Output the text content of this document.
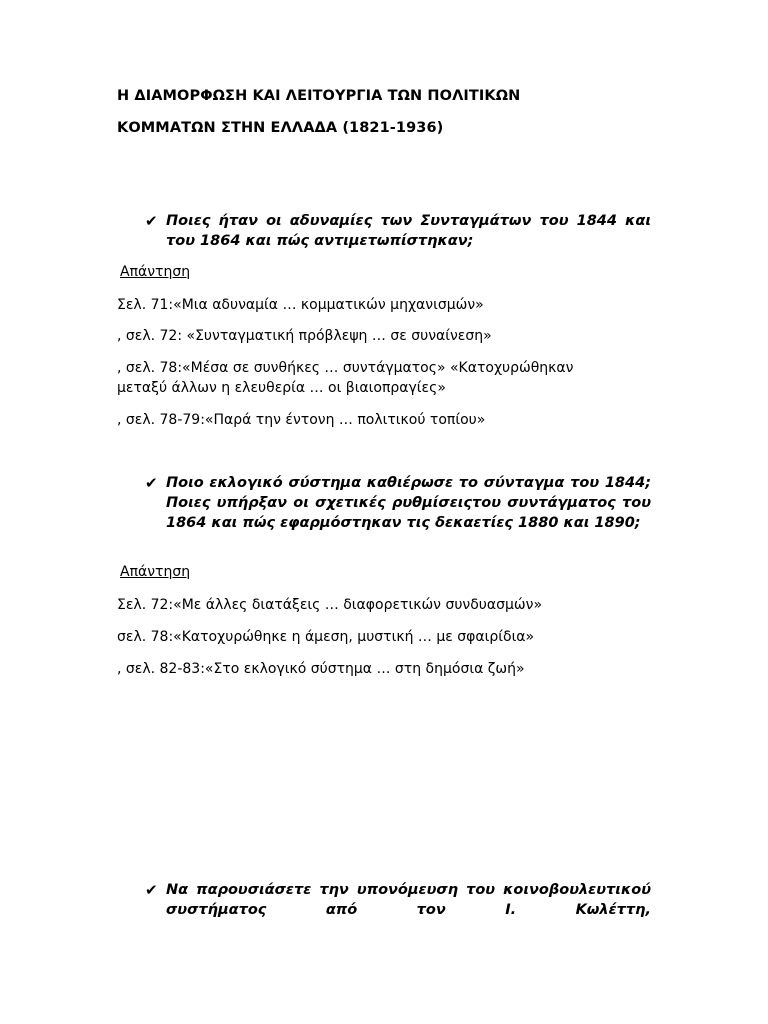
Η ΔΙΑΜΟΡΦΩΣΗ ΚΑΙ ΛΕΙΤΟΥΡΓΙΑ ΤΩΝ ΠΟΛΙΤΙΚΩΝ
ΚΟΜΜΑΤΩΝ ΣΤΗΝ ΕΛΛΑΔΑ (1821-1936)
✔ Ποιες ήταν οι αδυναμίες των Συνταγμάτων του 1844 και του 1864 και πώς αντιμετωπίστηκαν;
Απάντηση
Σελ. 71:«Μια αδυναμία … κομματικών μηχανισμών»
, σελ. 72: «Συνταγματική πρόβλεψη … σε συναίνεση»
, σελ. 78:«Μέσα σε συνθήκες … συντάγματος» «Κατοχυρώθηκαν
μεταξύ άλλων η ελευθερία … οι βιαιοπραγίες»
, σελ. 78-79:«Παρά την έντονη … πολιτικού τοπίου»
✔ Ποιο εκλογικό σύστημα καθιέρωσε το σύνταγμα του 1844; Ποιες υπήρξαν οι σχετικές ρυθμίσειςτου συντάγματος του 1864 και πώς εφαρμόστηκαν τις δεκαετίες 1880 και 1890;
Απάντηση
Σελ. 72:«Με άλλες διατάξεις … διαφορετικών συνδυασμών»
σελ. 78:«Κατοχυρώθηκε η άμεση, μυστική … με σφαιρίδια»
, σελ. 82-83:«Στο εκλογικό σύστημα … στη δημόσια ζωή»
✔ Να παρουσιάσετε την υπονόμευση του κοινοβουλευτικού συστήματος από τον Ι. Κωλέττη,
